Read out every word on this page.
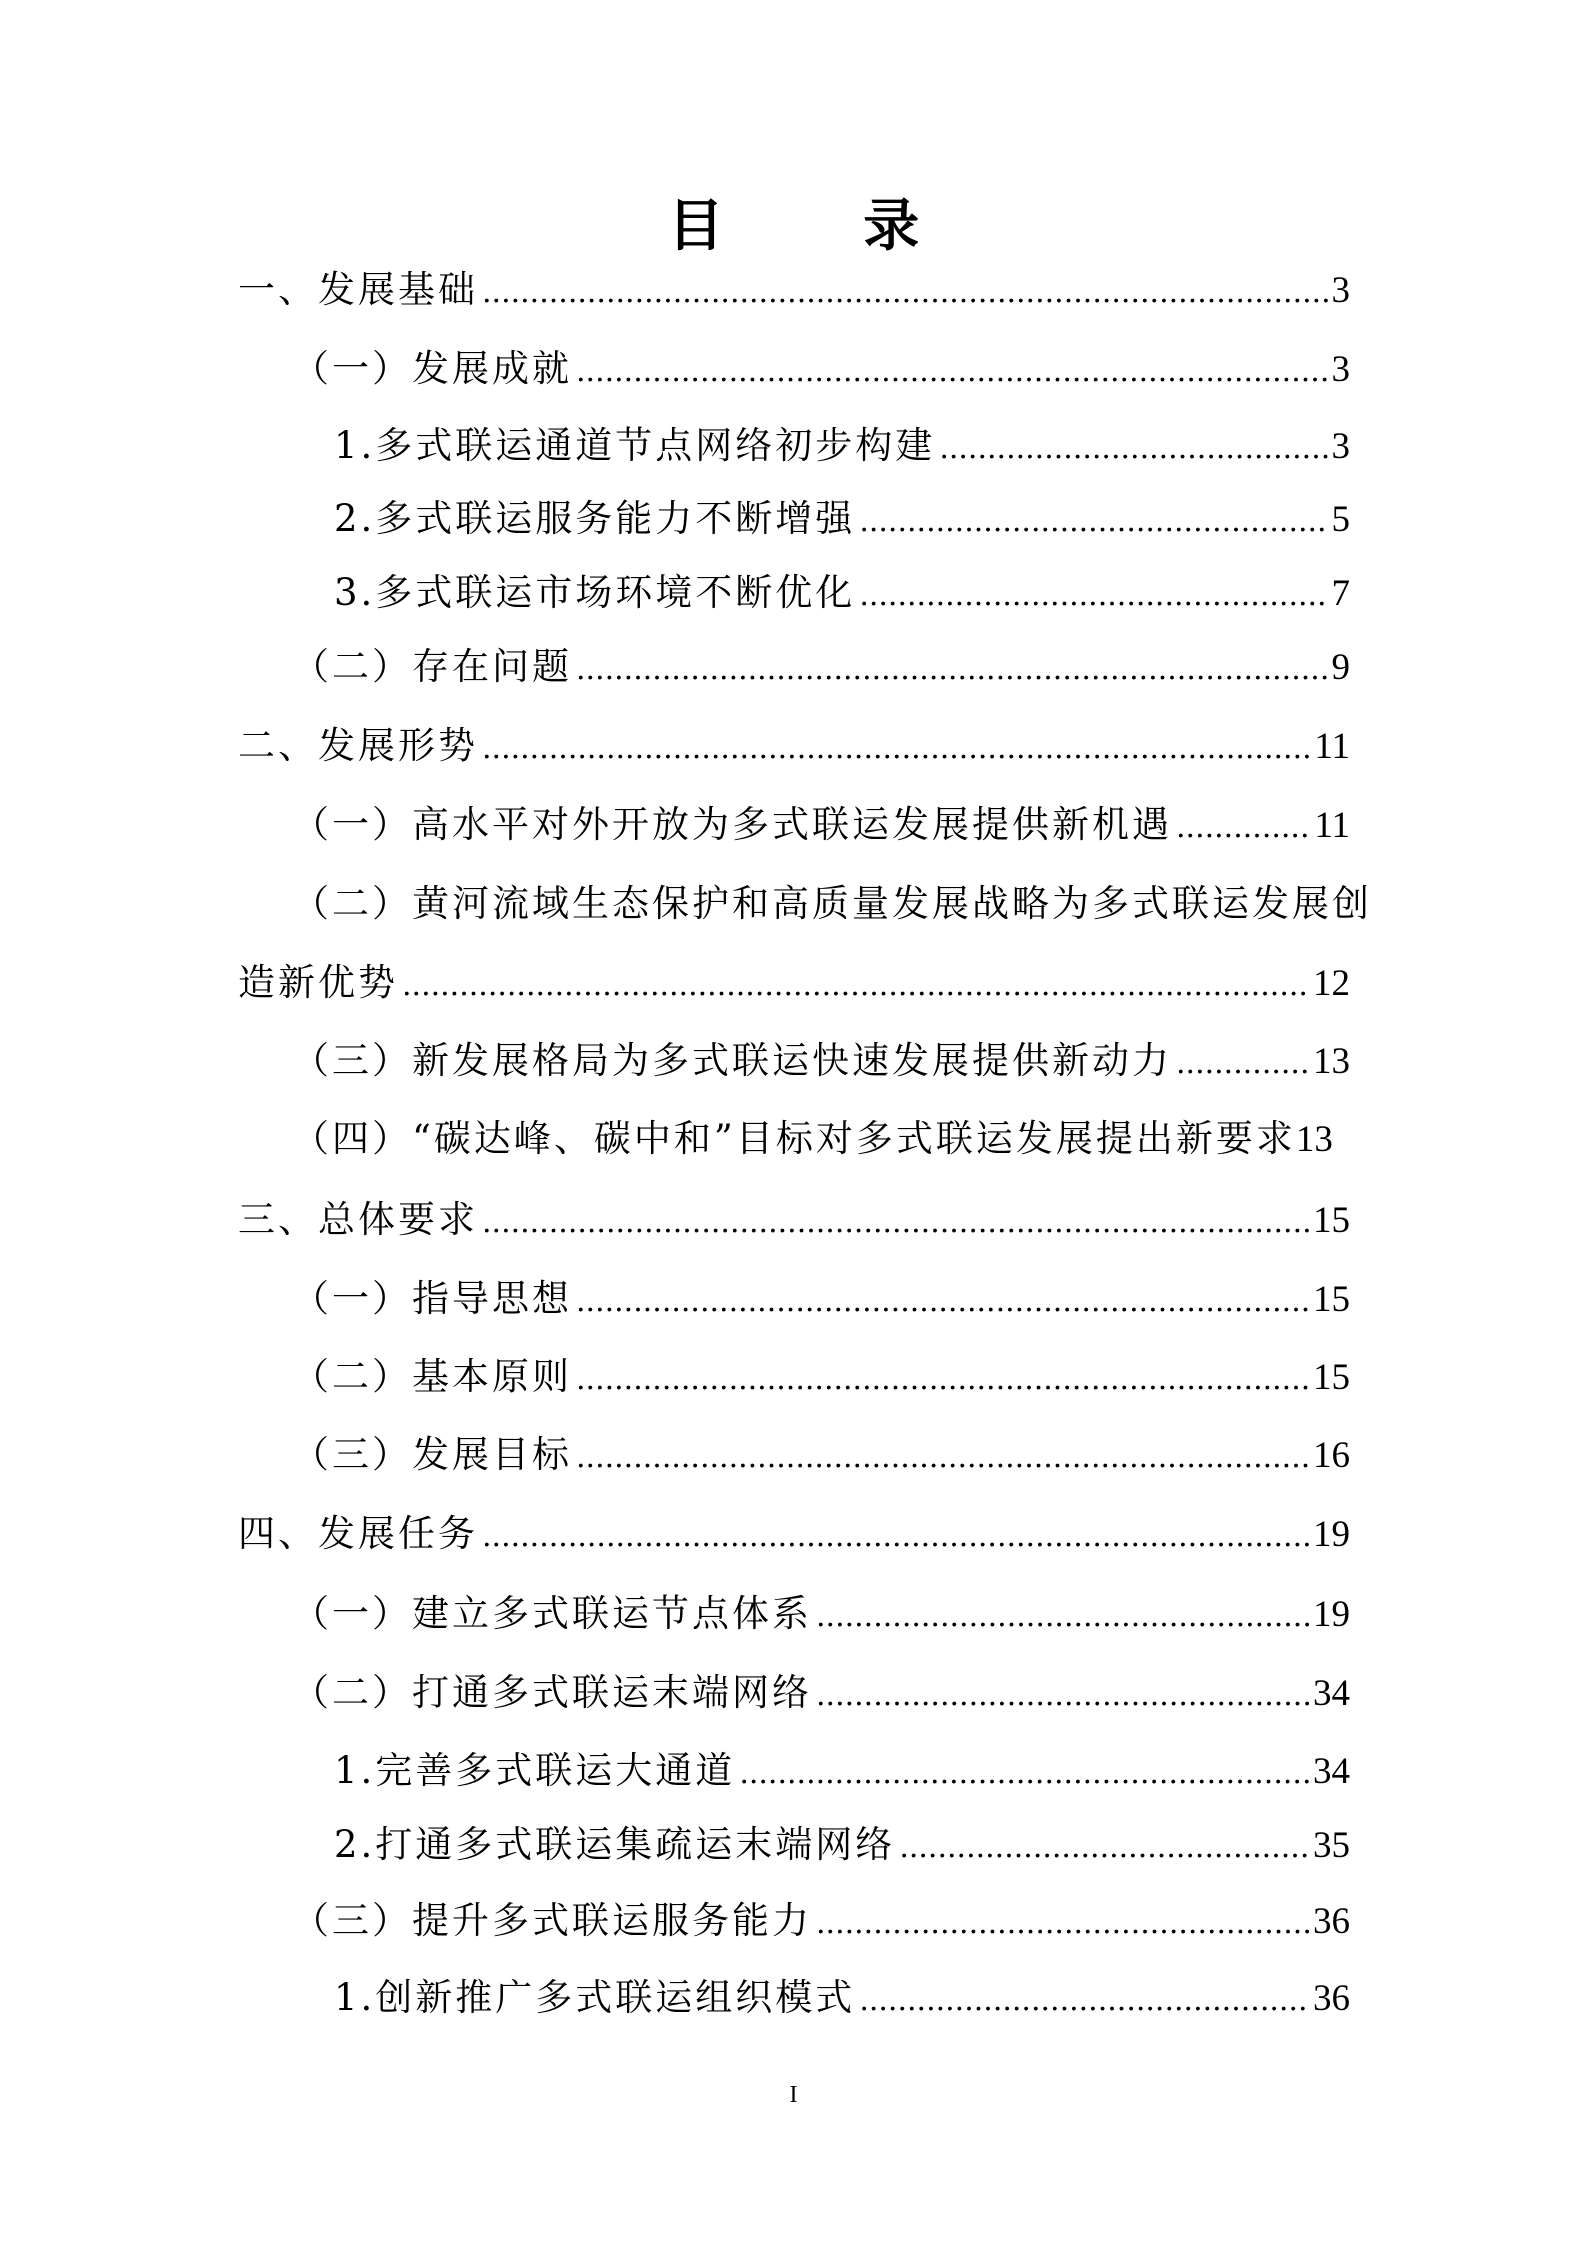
目 录
一、发展基础 .....	3
（一）发展成就 .....	3
1.多式联运通道节点网络初步构建 .....	3
2.多式联运服务能力不断增强 .....	5
3.多式联运市场环境不断优化 .....	7
（二）存在问题 .....	9
二、发展形势 .....	11
（一）高水平对外开放为多式联运发展提供新机遇 .....	11
（二）黄河流域生态保护和高质量发展战略为多式联运发展创
造新优势 .....	12
（三）新发展格局为多式联运快速发展提供新动力 .....	13
（四）“碳达峰、碳中和”目标对多式联运发展提出新要求 13
三、总体要求 .....	15
（一）指导思想 .....	15
（二）基本原则 .....	15
（三）发展目标 .....	16
四、发展任务 .....	19
（一）建立多式联运节点体系 .....	19
（二）打通多式联运末端网络 .....	34
1.完善多式联运大通道 .....	34
2.打通多式联运集疏运末端网络 .....	35
（三）提升多式联运服务能力 .....	36
1.创新推广多式联运组织模式 .....	36
I
